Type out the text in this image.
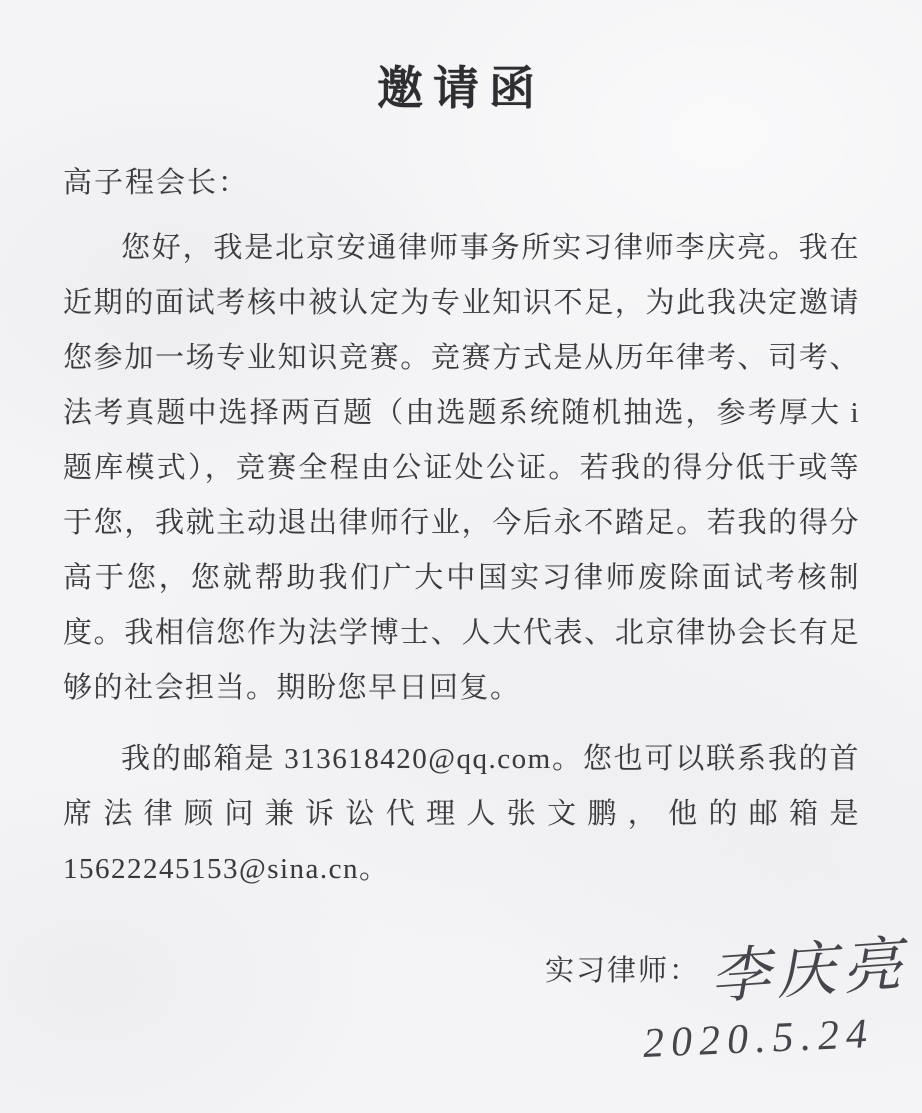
邀请函
高子程会长：

您好，我是北京安通律师事务所实习律师李庆亮。我在近期的面试考核中被认定为专业知识不足，为此我决定邀请您参加一场专业知识竞赛。竞赛方式是从历年律考、司考、法考真题中选择两百题（由选题系统随机抽选，参考厚大 i 题库模式），竞赛全程由公证处公证。若我的得分低于或等于您，我就主动退出律师行业，今后永不踏足。若我的得分高于您，您就帮助我们广大中国实习律师废除面试考核制度。我相信您作为法学博士、人大代表、北京律协会长有足够的社会担当。期盼您早日回复。

我的邮箱是 313618420@qq.com。您也可以联系我的首席法律顾问兼诉讼代理人张文鹏，他的邮箱是 15622245153@sina.cn。

实习律师： 李庆亮
2020.5.24
